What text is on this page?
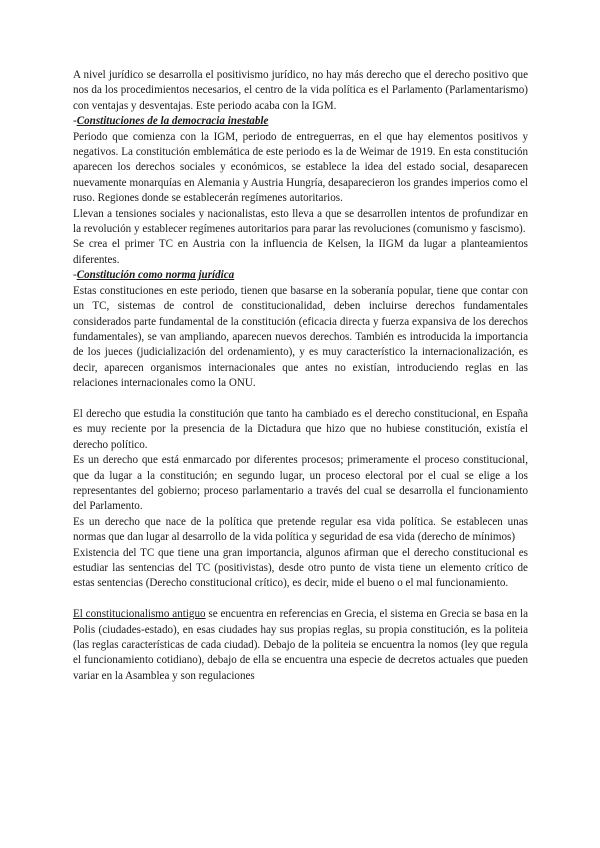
A nivel jurídico se desarrolla el positivismo jurídico, no hay más derecho que el derecho positivo que nos da los procedimientos necesarios, el centro de la vida política es el Parlamento (Parlamentarismo) con ventajas y desventajas. Este periodo acaba con la IGM.

-Constituciones de la democracia inestable

Periodo que comienza con la IGM, periodo de entreguerras, en el que hay elementos positivos y negativos. La constitución emblemática de este periodo es la de Weimar de 1919. En esta constitución aparecen los derechos sociales y económicos, se establece la idea del estado social, desaparecen nuevamente monarquías en Alemania y Austria Hungría, desaparecieron los grandes imperios como el ruso. Regiones donde se establecerán regímenes autoritarios.

Llevan a tensiones sociales y nacionalistas, esto lleva a que se desarrollen intentos de profundizar en la revolución y establecer regímenes autoritarios para parar las revoluciones (comunismo y fascismo).

Se crea el primer TC en Austria con la influencia de Kelsen, la IIGM da lugar a planteamientos diferentes.

-Constitución como norma jurídica

Estas constituciones en este periodo, tienen que basarse en la soberanía popular, tiene que contar con un TC, sistemas de control de constitucionalidad, deben incluirse derechos fundamentales considerados parte fundamental de la constitución (eficacia directa y fuerza expansiva de los derechos fundamentales), se van ampliando, aparecen nuevos derechos. También es introducida la importancia de los jueces (judicialización del ordenamiento), y es muy característico la internacionalización, es decir, aparecen organismos internacionales que antes no existían, introduciendo reglas en las relaciones internacionales como la ONU.

El derecho que estudia la constitución que tanto ha cambiado es el derecho constitucional, en España es muy reciente por la presencia de la Dictadura que hizo que no hubiese constitución, existía el derecho político.

Es un derecho que está enmarcado por diferentes procesos; primeramente el proceso constitucional, que da lugar a la constitución; en segundo lugar, un proceso electoral por el cual se elige a los representantes del gobierno; proceso parlamentario a través del cual se desarrolla el funcionamiento del Parlamento.

Es un derecho que nace de la política que pretende regular esa vida política. Se establecen unas normas que dan lugar al desarrollo de la vida política y seguridad de esa vida (derecho de mínimos)

Existencia del TC que tiene una gran importancia, algunos afirman que el derecho constitucional es estudiar las sentencias del TC (positivistas), desde otro punto de vista tiene un elemento crítico de estas sentencias (Derecho constitucional crítico), es decir, mide el bueno o el mal funcionamiento.

El constitucionalismo antiguo se encuentra en referencias en Grecia, el sistema en Grecia se basa en la Polis (ciudades-estado), en esas ciudades hay sus propias reglas, su propia constitución, es la politeia (las reglas características de cada ciudad). Debajo de la politeia se encuentra la nomos (ley que regula el funcionamiento cotidiano), debajo de ella se encuentra una especie de decretos actuales que pueden variar en la Asamblea y son regulaciones
